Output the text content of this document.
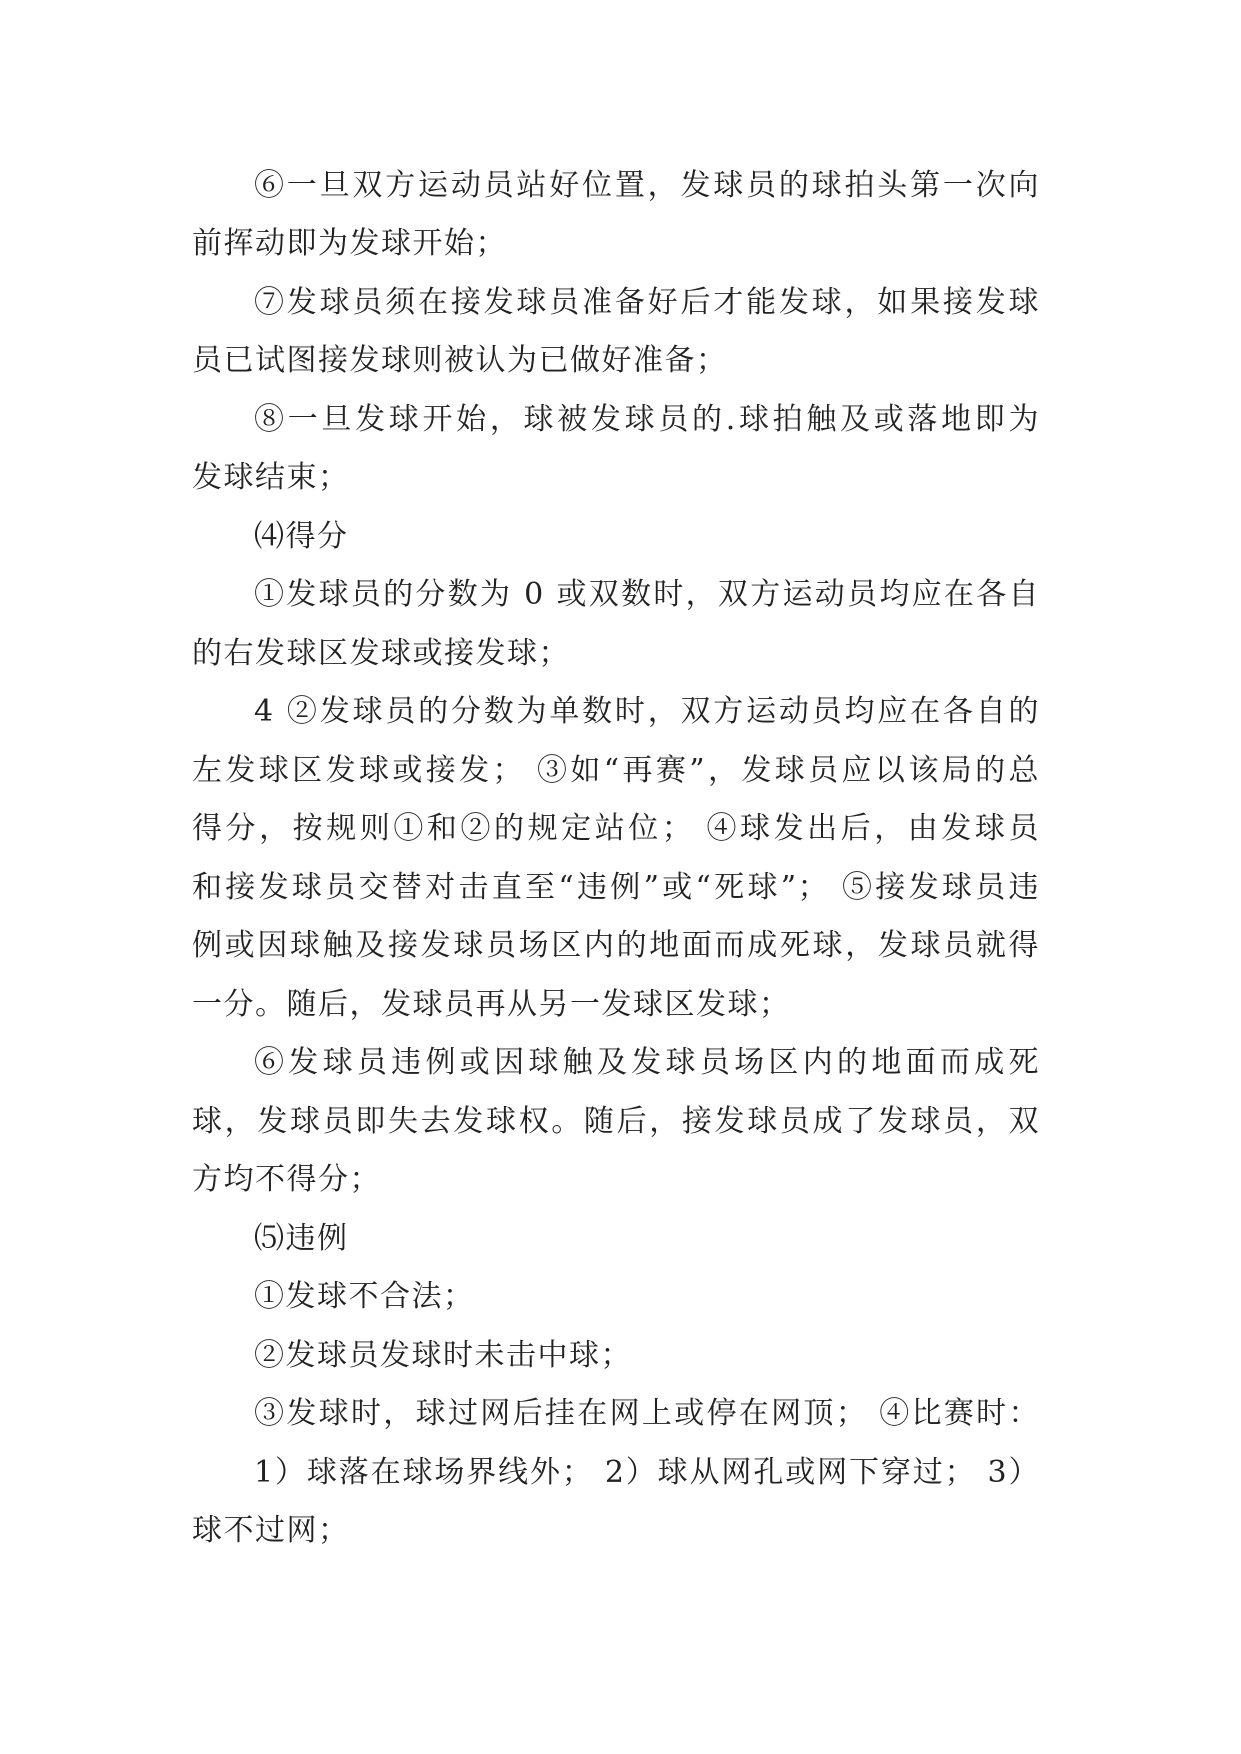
⑥一旦双方运动员站好位置，发球员的球拍头第一次向
前挥动即为发球开始；
⑦发球员须在接发球员准备好后才能发球，如果接发球
员已试图接发球则被认为已做好准备；
⑧一旦发球开始，球被发球员的.球拍触及或落地即为
发球结束；
⑷得分
①发球员的分数为 0 或双数时，双方运动员均应在各自
的右发球区发球或接发球；
4 ②发球员的分数为单数时，双方运动员均应在各自的
左发球区发球或接发； ③如“再赛”，发球员应以该局的总
得分，按规则①和②的规定站位； ④球发出后，由发球员
和接发球员交替对击直至“违例”或“死球”； ⑤接发球员违
例或因球触及接发球员场区内的地面而成死球，发球员就得
一分。随后，发球员再从另一发球区发球；
⑥发球员违例或因球触及发球员场区内的地面而成死
球，发球员即失去发球权。随后，接发球员成了发球员，双
方均不得分；
⑸违例
①发球不合法；
②发球员发球时未击中球；
③发球时，球过网后挂在网上或停在网顶； ④比赛时：
1）球落在球场界线外； 2）球从网孔或网下穿过； 3）
球不过网；
